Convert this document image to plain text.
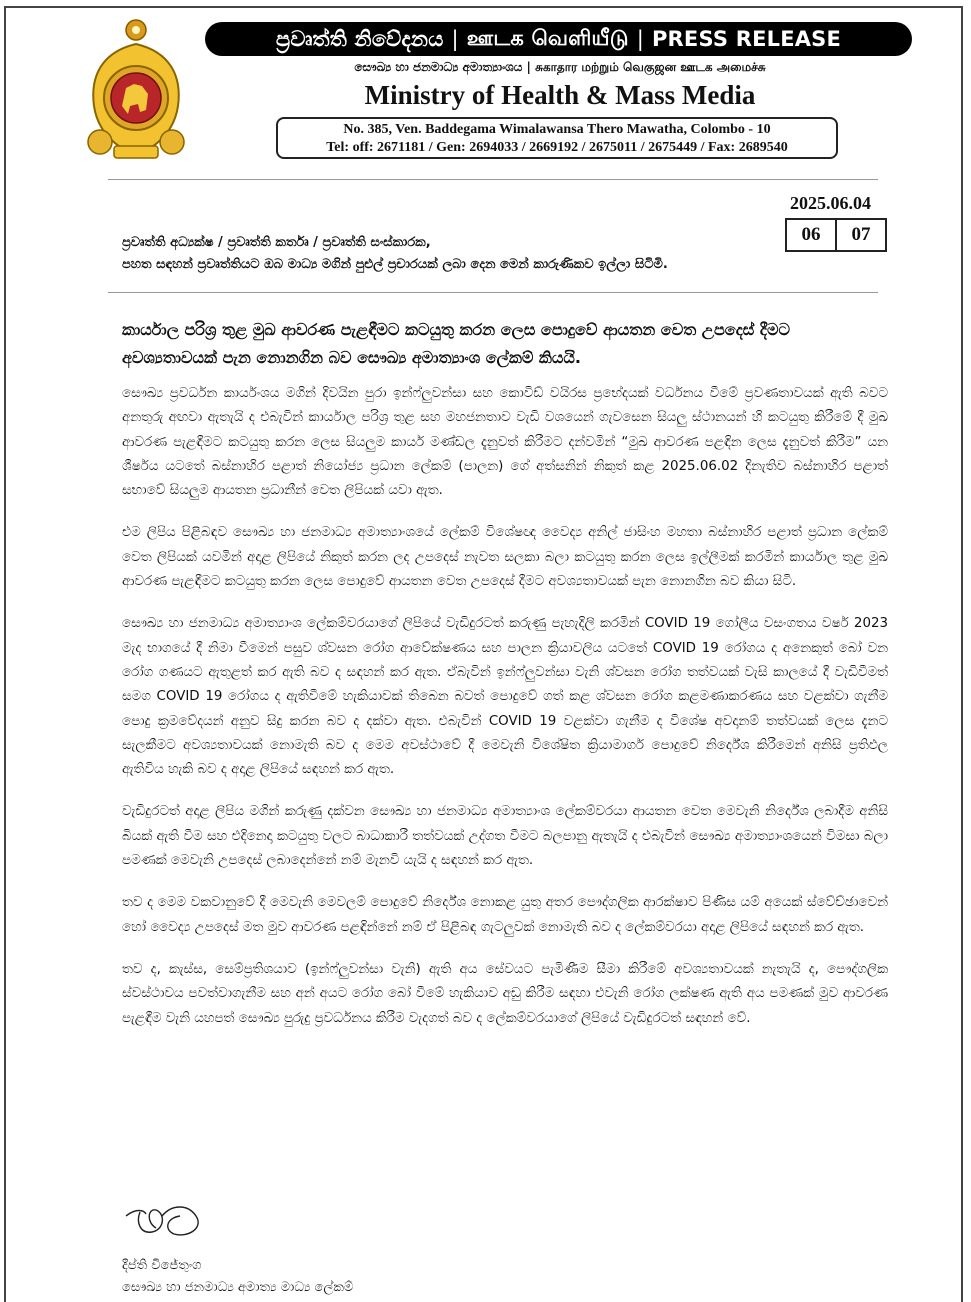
ප්‍රවෘත්ති නිවේදනය | ஊடக வெளியீடு | PRESS RELEASE
සෞඛ්‍ය හා ජනමාධ්‍ය අමාත්‍යාංශය | சுகாதார மற்றும் வெகுஜன ஊடக அமைச்சு
Ministry of Health & Mass Media
No. 385, Ven. Baddegama Wimalawansa Thero Mawatha, Colombo - 10
Tel: off: 2671181 / Gen: 2694033 / 2669192 / 2675011 / 2675449 / Fax: 2689540
2025.06.04
06	07
ප්‍රවෘත්ති අධ්‍යක්ෂ / ප්‍රවෘත්ති කර්තෘ / ප්‍රවෘත්ති සංස්කාරක,
පහත සඳහන් ප්‍රවෘත්තියට ඔබ මාධ්‍ය මගින් පුළුල් ප්‍රචාරයක් ලබා දෙන මෙන් කාරුණිකව ඉල්ලා සිටිමි.
කාර්යාල පරිශ්‍ර තුළ මුඛ ආවරණ පැළඳීමට කටයුතු කරන ලෙස පොදුවේ ආයතන වෙත උපදෙස් දීමට අවශ්‍යතාවයක් පැන නොනගින බව සෞඛ්‍ය අමාත්‍යාංශ ලේකම් කියයි.

සෞඛ්‍ය ප්‍රවර්ධන කාර්යංශය මගින් දිවයින පුරා ඉන්ෆ්ලුවන්සා සහ කොවිඩ් වයිරස ප්‍රභේදයක් වර්ධනය වීමේ ප්‍රවණතාවයක් ඇති බවට අනතුරු අඟවා ඇතැයි ද එබැවින් කාර්යාල පරිශ්‍ර තුළ සහ මහජනතාව වැඩි වශයෙන් ගැවසෙන සියලු ස්ථානයන් හි කටයුතු කිරීමේ දී මුඛ ආවරණ පැළඳීමට කටයුතු කරන ලෙස සියලුම කාර්ය මණ්ඩල දැනුවත් කිරීමට දන්වමින් “මුඛ ආවරණ පළඳින ලෙස දැනුවත් කිරීම” යන ශීර්ෂය යටතේ බස්නාහිර පළාත් නියෝජ්‍ය ප්‍රධාන ලේකම් (පාලන) ගේ අත්සනින් නිකුත් කළ 2025.06.02 දිනැතිව බස්නාහිර පළාත් සභාවේ සියලුම ආයතන ප්‍රධානීන් වෙත ලිපියක් යවා ඇත.

එම ලිපිය පිළිබඳව සෞඛ්‍ය හා ජනමාධ්‍ය අමාත්‍යාංශයේ ලේකම් විශේෂඥ වෛද්‍ය අනිල් ජාසිංහ මහතා බස්නාහිර පළාත් ප්‍රධාන ලේකම් වෙත ලිපියක් යවමින් අදාළ ලිපියේ නිකුත් කරන ලද උපදෙස් නැවත සලකා බලා කටයුතු කරන ලෙස ඉල්ලීමක් කරමින් කාර්යාල තුළ මුඛ ආවරණ පැළඳීමට කටයුතු කරන ලෙස පොදුවේ ආයතන වෙත උපදෙස් දීමට අවශ්‍යතාවයක් පැන නොනගින බව කියා සිටි.

සෞඛ්‍ය හා ජනමාධ්‍ය අමාත්‍යාංශ ලේකම්වරයාගේ ලිපියේ වැඩිදුරටත් කරුණු පැහැදිලි කරමින් COVID 19 ගෝලීය වසංගතය වර්ෂ 2023 මැද භාගයේ දී නිමා වීමෙන් පසුව ශ්වසන රෝග ආවේක්ෂණය සහ පාලන ක්‍රියාවලිය යටතේ COVID 19 රෝගය ද අනෙකුත් බෝ වන රෝග ගණයට ඇතුළත් කර ඇති බව ද සඳහන් කර ඇත. ඒබැවින් ඉන්ෆ්ලුවන්සා වැනි ශ්වසන රෝග තත්වයක් වැසි කාලයේ දී වැඩිවීමත් සමග COVID 19 රෝගය ද ඇතිවීමේ හැකියාවක් තිබෙන බවත් පොදුවේ ගත් කළ ශ්වසන රෝග කළමණාකරණය සහ වළක්වා ගැනීම පොදු ක්‍රමවේදයන් අනුව සිදු කරන බව ද දක්වා ඇත. එබැවින් COVID 19 වළක්වා ගැනීම ද විශේෂ අවදානම් තත්වයක් ලෙස දැනට සැලකීමට අවශ්‍යතාවයක් නොමැති බව ද මෙම අවස්ථාවේ දී මෙවැනි විශේෂිත ක්‍රියාමාර්ග පොදුවේ නිර්දේශ කිරීමෙන් අනිසි ප්‍රතිඵල ඇතිවිය හැකි බව ද අදාළ ලිපියේ සඳහන් කර ඇත.

වැඩිදුරටත් අදාළ ලිපිය මගින් කරුණු දක්වන සෞඛ්‍ය හා ජනමාධ්‍ය අමාත්‍යාංශ ලේකම්වරයා ආයතන වෙත මෙවැනි නිර්දේශ ලබාදීම අනිසි බියක් ඇති වීම සහ එදිනෙදා කටයුතු වලට බාධාකාරී තත්වයක් උද්ගත වීමට බලපානු ඇතැයි ද එබැවින් සෞඛ්‍ය අමාත්‍යාංශයෙන් විමසා බලා පමණක් මෙවැනි උපදෙස් ලබාදෙන්නේ නම් මැනවි යැයි ද සඳහන් කර ඇත.

තව ද මෙම වකවානුවේ දී මෙවැනි මෙවලම් පොදුවේ නිර්දේශ නොකළ යුතු අතර පෞද්ගලික ආරක්ෂාව පිණිස යම් අයෙක් ස්වේච්ඡාවෙන් හෝ වෛද්‍ය උපදෙස් මත මුව ආවරණ පළඳින්නේ නම් ඒ පිළිබඳ ගැටලුවක් නොමැති බව ද ලේකම්වරයා අදාළ ලිපියේ සඳහන් කර ඇත.

තව ද, කැස්ස, සෙම්ප්‍රතිශයාව (ඉන්ෆ්ලුවන්සා වැනි) ඇති අය සේවයට පැමිණීම සීමා කිරීමේ අවශ්‍යතාවයක් නැතැයි ද, පෞද්ගලික ස්වස්ථාවය පවත්වාගැනීම සහ අන් අයට රෝග බෝ වීමේ හැකියාව අඩු කිරීම සඳහා එවැනි රෝග ලක්ෂණ ඇති අය පමණක් මුව ආවරණ පැළඳීම වැනි යහපත් සෞඛ්‍ය පුරුදු ප්‍රවර්ධනය කිරීම වැදගත් බව ද ලේකම්වරයාගේ ලිපියේ වැඩිදුරටත් සඳහන් වේ.

දීප්ති විජේතුංග
සෞඛ්‍ය හා ජනමාධ්‍ය අමාත්‍ය මාධ්‍ය ලේකම්
